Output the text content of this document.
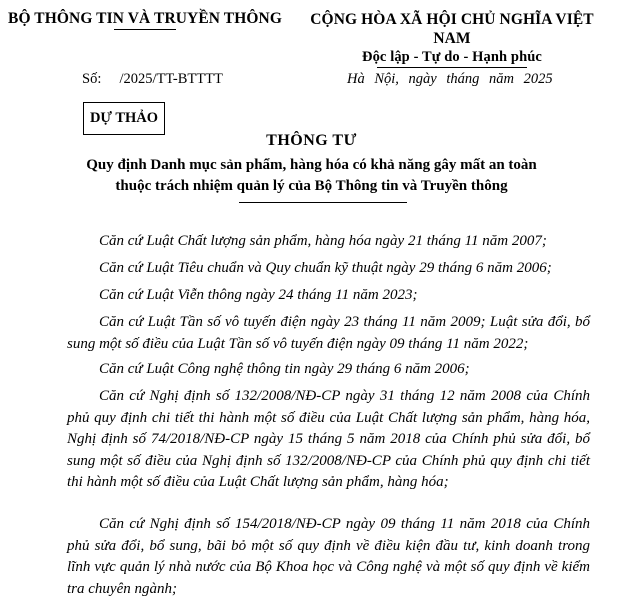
BỘ THÔNG TIN VÀ TRUYỀN THÔNG	CỘNG HÒA XÃ HỘI CHỦ NGHĨA VIỆT NAM
Độc lập - Tự do - Hạnh phúc
Số: /2025/TT-BTTTT	Hà Nội, ngày tháng năm 2025
DỰ THẢO
THÔNG TƯ
Quy định Danh mục sản phẩm, hàng hóa có khả năng gây mất an toàn
thuộc trách nhiệm quản lý của Bộ Thông tin và Truyền thông
Căn cứ Luật Chất lượng sản phẩm, hàng hóa ngày 21 tháng 11 năm 2007;
Căn cứ Luật Tiêu chuẩn và Quy chuẩn kỹ thuật ngày 29 tháng 6 năm 2006;
Căn cứ Luật Viễn thông ngày 24 tháng 11 năm 2023;
Căn cứ Luật Tần số vô tuyến điện ngày 23 tháng 11 năm 2009; Luật sửa đổi, bổ sung một số điều của Luật Tần số vô tuyến điện ngày 09 tháng 11 năm 2022;
Căn cứ Luật Công nghệ thông tin ngày 29 tháng 6 năm 2006;
Căn cứ Nghị định số 132/2008/NĐ-CP ngày 31 tháng 12 năm 2008 của Chính phủ quy định chi tiết thi hành một số điều của Luật Chất lượng sản phẩm, hàng hóa, Nghị định số 74/2018/NĐ-CP ngày 15 tháng 5 năm 2018 của Chính phủ sửa đổi, bổ sung một số điều của Nghị định số 132/2008/NĐ-CP của Chính phủ quy định chi tiết thi hành một số điều của Luật Chất lượng sản phẩm, hàng hóa;
Căn cứ Nghị định số 154/2018/NĐ-CP ngày 09 tháng 11 năm 2018 của Chính phủ sửa đổi, bổ sung, bãi bỏ một số quy định về điều kiện đầu tư, kinh doanh trong lĩnh vực quản lý nhà nước của Bộ Khoa học và Công nghệ và một số quy định về kiểm tra chuyên ngành;
